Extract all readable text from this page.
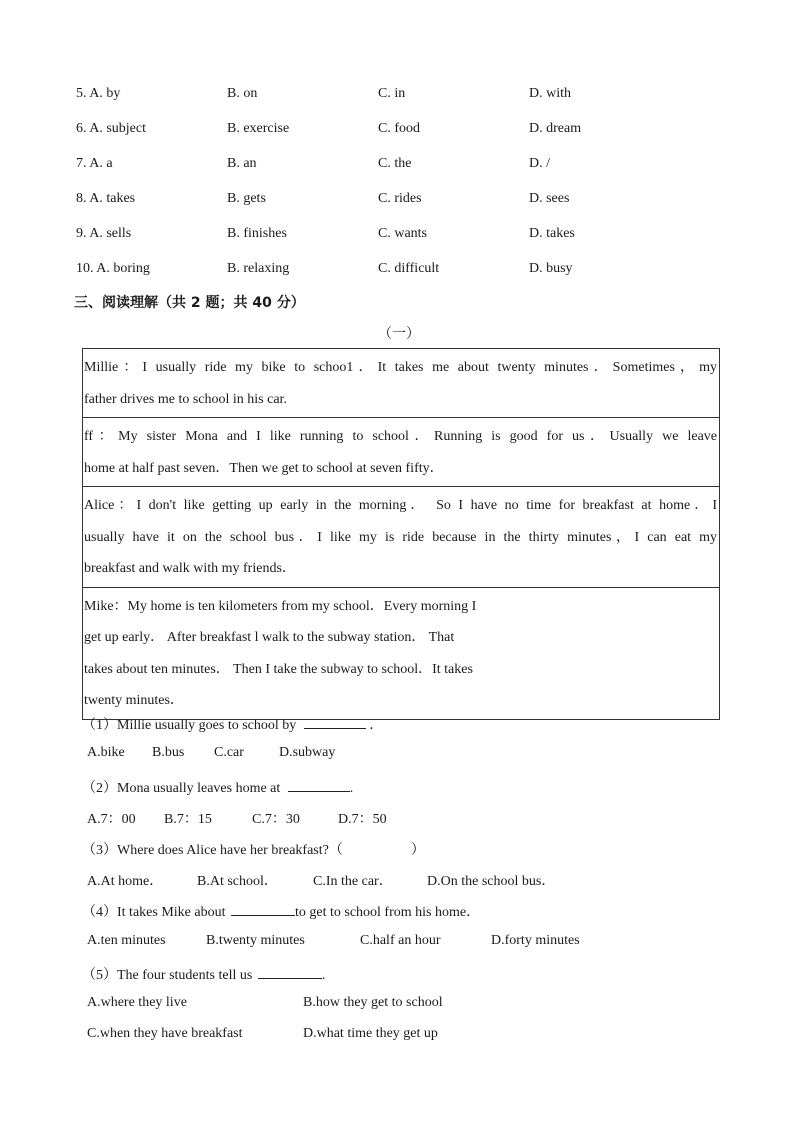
5. A. by	B. on	C. in	D. with
6. A. subject	B. exercise	C. food	D. dream
7. A. a	B. an	C. the	D. /
8. A. takes	B. gets	C. rides	D. sees
9. A. sells	B. finishes	C. wants	D. takes
10. A. boring	B. relaxing	C. difficult	D. busy
三、阅读理解（共 2 题；共 40 分）
（一）
Millie：I usually ride my bike to schoo1．It takes me about twenty minutes．Sometimes，my
father drives me to school in his car.

ff：My sister Mona and I like running to school．Running is good for us．Usually we leave
home at half past seven．Then we get to school at seven fifty．

Alice：I don't like getting up early in the morning． So I have no time for breakfast at home．I
usually have it on the school bus．I like my is ride because in the thirty minutes，I can eat my
breakfast and walk with my friends．

Mike：My home is ten kilometers from my school．Every morning I
get up early． After breakfast l walk to the subway station． That
takes about ten minutes． Then I take the subway to school．It takes
twenty minutes．
（1）Millie usually goes to school by	．
A.bike B.bus C.car	D.subway
（2）Mona usually leaves home at	.
A.7：00 B.7：15	C.7：30	D.7：50
（3）Where does Alice have her breakfast?（	）
A.At home． B.At school．	C.In the car． D.On the school bus．
（4）It takes Mike about	to get to school from his home．
A.ten minutes	B.twenty minutes	C.half an hour	D.forty minutes
（5）The four students tell us	.
A.where they live	B.how they get to school
C.when they have breakfast	D.what time they get up
